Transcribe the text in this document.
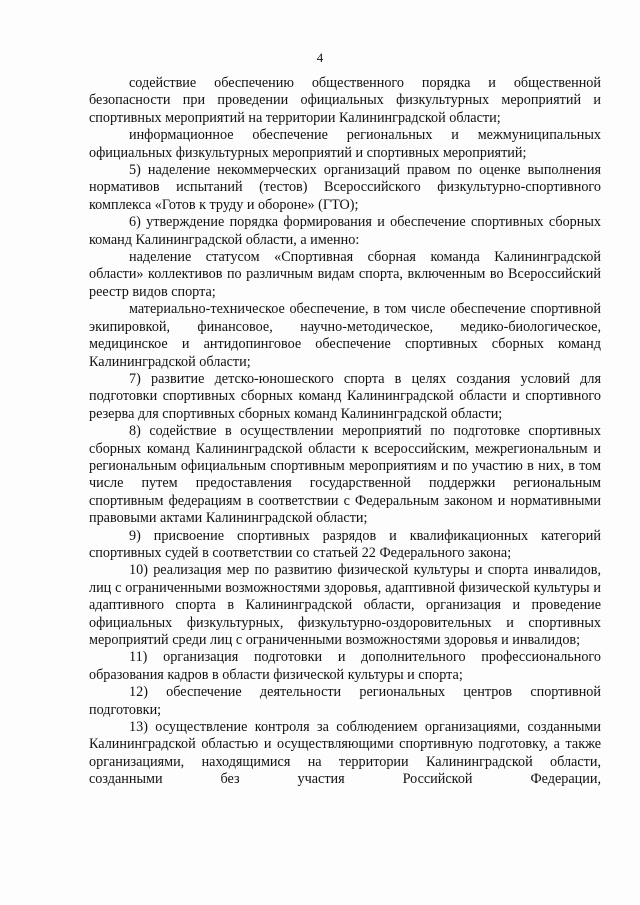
4

содействие обеспечению общественного порядка и общественной безопасности при проведении официальных физкультурных мероприятий и спортивных мероприятий на территории Калининградской области;

информационное обеспечение региональных и межмуниципальных официальных физкультурных мероприятий и спортивных мероприятий;

5) наделение некоммерческих организаций правом по оценке выполнения нормативов испытаний (тестов) Всероссийского физкультурно-спортивного комплекса «Готов к труду и обороне» (ГТО);

6) утверждение порядка формирования и обеспечение спортивных сборных команд Калининградской области, а именно:

наделение статусом «Спортивная сборная команда Калининградской области» коллективов по различным видам спорта, включенным во Всероссийский реестр видов спорта;

материально-техническое обеспечение, в том числе обеспечение спортивной экипировкой, финансовое, научно-методическое, медико-биологическое, медицинское и антидопинговое обеспечение спортивных сборных команд Калининградской области;

7) развитие детско-юношеского спорта в целях создания условий для подготовки спортивных сборных команд Калининградской области и спортивного резерва для спортивных сборных команд Калининградской области;

8) содействие в осуществлении мероприятий по подготовке спортивных сборных команд Калининградской области к всероссийским, межрегиональным и региональным официальным спортивным мероприятиям и по участию в них, в том числе путем предоставления государственной поддержки региональным спортивным федерациям в соответствии с Федеральным законом и нормативными правовыми актами Калининградской области;

9) присвоение спортивных разрядов и квалификационных категорий спортивных судей в соответствии со статьей 22 Федерального закона;

10) реализация мер по развитию физической культуры и спорта инвалидов, лиц с ограниченными возможностями здоровья, адаптивной физической культуры и адаптивного спорта в Калининградской области, организация и проведение официальных физкультурных, физкультурно-оздоровительных и спортивных мероприятий среди лиц с ограниченными возможностями здоровья и инвалидов;

11) организация подготовки и дополнительного профессионального образования кадров в области физической культуры и спорта;

12) обеспечение деятельности региональных центров спортивной подготовки;

13) осуществление контроля за соблюдением организациями, созданными Калининградской областью и осуществляющими спортивную подготовку, а также организациями, находящимися на территории Калининградской области, созданными без участия Российской Федерации,
